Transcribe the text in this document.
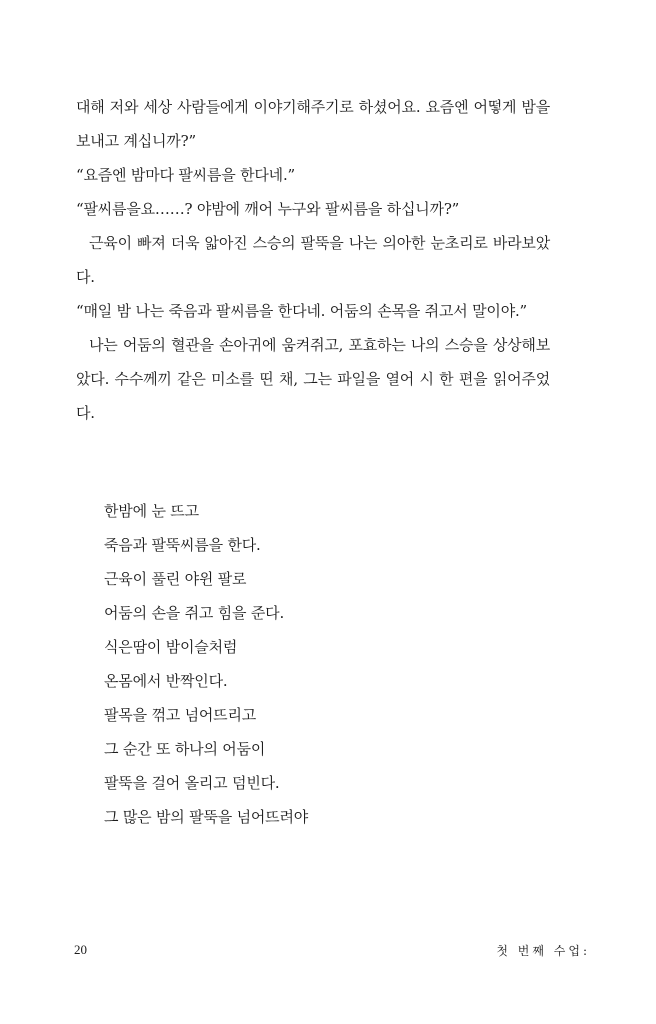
대해 저와 세상 사람들에게 이야기해주기로 하셨어요. 요즘엔 어떻게 밤을 보내고 계십니까?”

“요즘엔 밤마다 팔씨름을 한다네.”

“팔씨름을요……? 야밤에 깨어 누구와 팔씨름을 하십니까?”

근육이 빠져 더욱 앏아진 스승의 팔뚝을 나는 의아한 눈초리로 바라보았다.

“매일 밤 나는 죽음과 팔씨름을 한다네. 어둠의 손목을 쥐고서 말이야.”

나는 어둠의 혈관을 손아귀에 움켜쥐고, 포효하는 나의 스승을 상상해보았다. 수수께끼 같은 미소를 띤 채, 그는 파일을 열어 시 한 편을 읽어주었다.

한밤에 눈 뜨고
죽음과 팔뚝씨름을 한다.
근육이 풀린 야윈 팔로
어둠의 손을 쥐고 힘을 준다.
식은땀이 밤이슬처럼
온몸에서 반짝인다.
팔목을 꺾고 넘어뜨리고
그 순간 또 하나의 어둠이
팔뚝을 걸어 올리고 덤빈다.
그 많은 밤의 팔뚝을 넘어뜨려야
20	첫 번째 수업:
